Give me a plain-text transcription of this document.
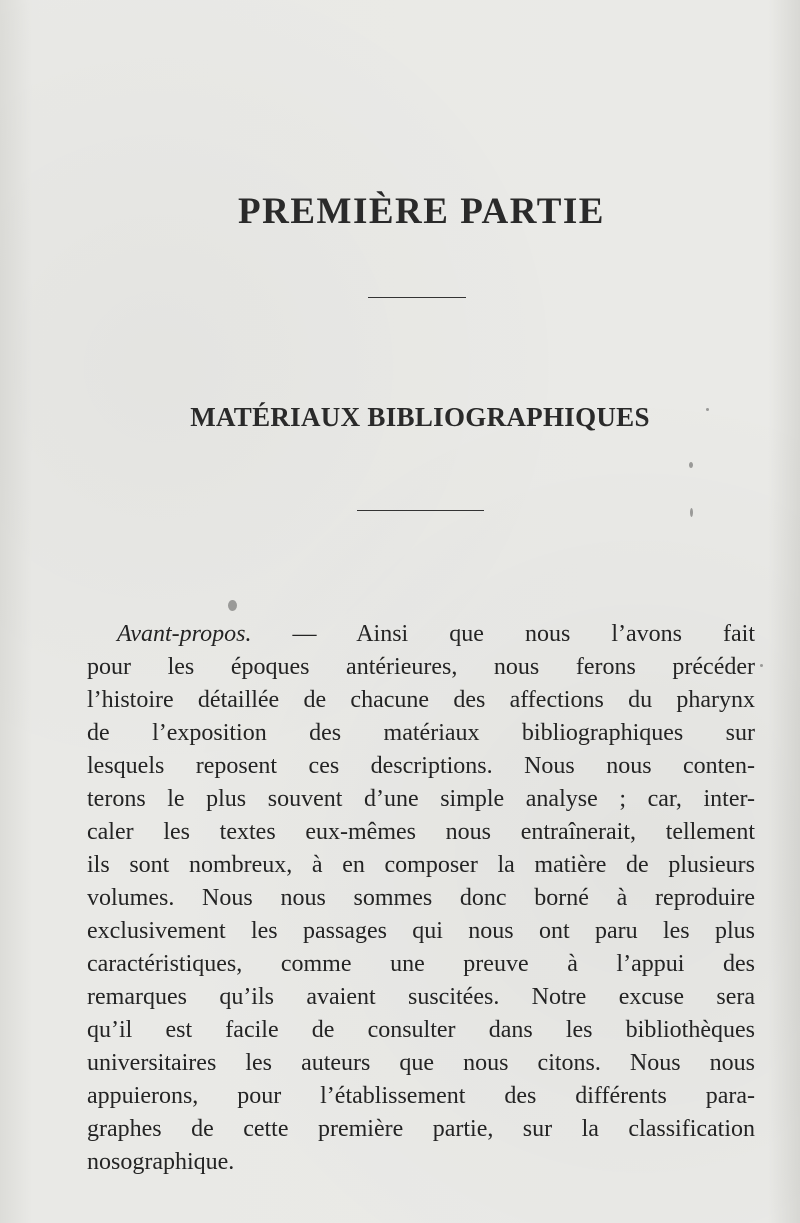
PREMIÈRE PARTIE
MATÉRIAUX BIBLIOGRAPHIQUES
Avant-propos. — Ainsi que nous l’avons fait
pour les époques antérieures, nous ferons précéder
l’histoire détaillée de chacune des affections du pharynx
de l’exposition des matériaux bibliographiques sur
lesquels reposent ces descriptions. Nous nous conten-
terons le plus souvent d’une simple analyse ; car, inter-
caler les textes eux-mêmes nous entraînerait, tellement
ils sont nombreux, à en composer la matière de plusieurs
volumes. Nous nous sommes donc borné à reproduire
exclusivement les passages qui nous ont paru les plus
caractéristiques, comme une preuve à l’appui des
remarques qu’ils avaient suscitées. Notre excuse sera
qu’il est facile de consulter dans les bibliothèques
universitaires les auteurs que nous citons. Nous nous
appuierons, pour l’établissement des différents para-
graphes de cette première partie, sur la classification
nosographique.
